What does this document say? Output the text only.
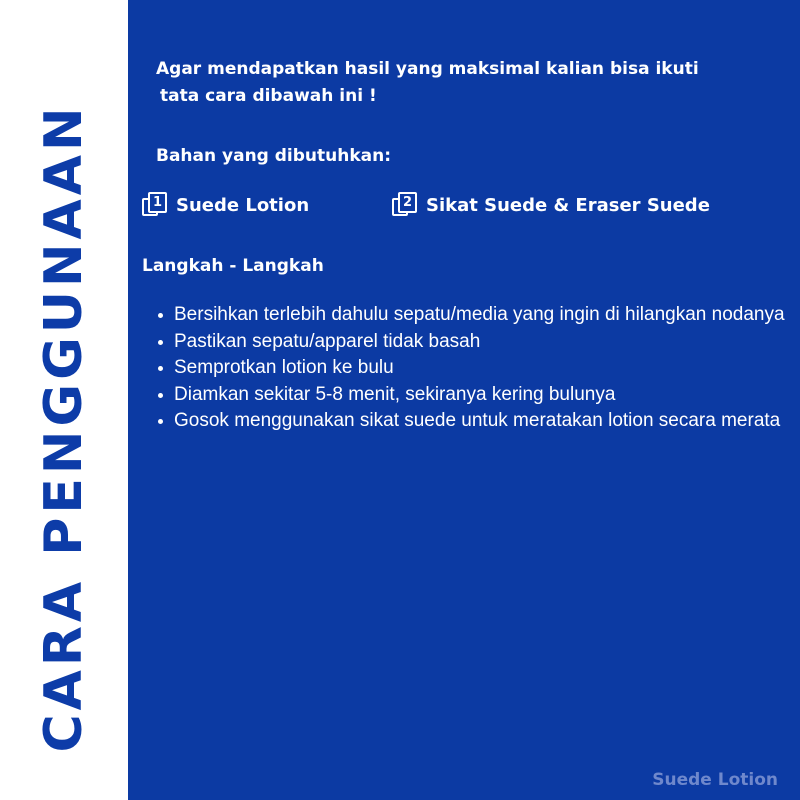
CARA PENGGUNAAN
Agar mendapatkan hasil yang maksimal kalian bisa ikuti
tata cara dibawah ini !
Bahan yang dibutuhkan:
1 Suede Lotion	2 Sikat Suede & Eraser Suede
Langkah - Langkah
Bersihkan terlebih dahulu sepatu/media yang ingin di hilangkan nodanya
Pastikan sepatu/apparel tidak basah
Semprotkan lotion ke bulu
Diamkan sekitar 5-8 menit, sekiranya kering bulunya
Gosok menggunakan sikat suede untuk meratakan lotion secara merata
Suede Lotion
